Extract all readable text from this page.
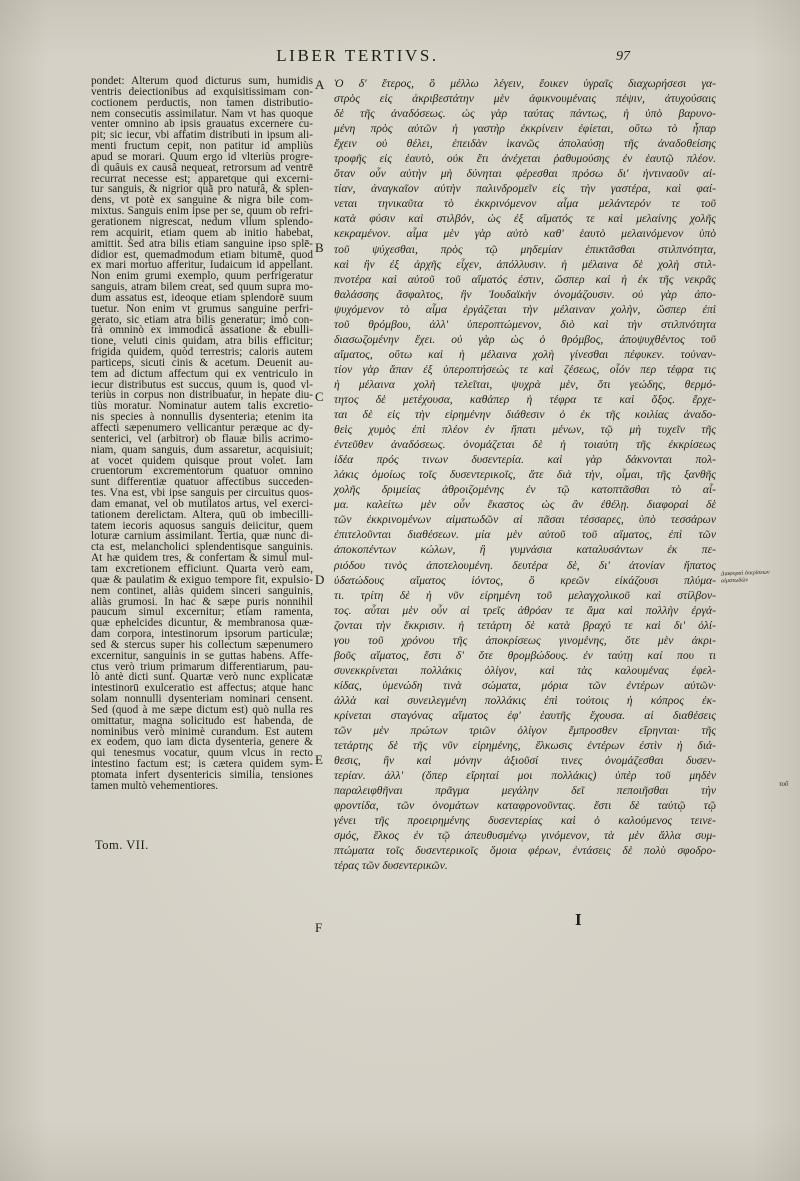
LIBER TERTIVS.	97
pondet: Alterum quod dicturus sum, humidis
ventris deiectionibus ad exquisitissimam con-
coctionem perductis, non tamen distributio-
nem consecutis assimilatur. Nam vt has quoque
venter omnino ab ipsis grauatus excernere cu-
pit; sic iecur, vbi affatim distributi in ipsum ali-
menti fructum cepit, non patitur id ampliùs
apud se morari. Quum ergo id vlteriùs progre-
di quâuis ex causâ nequeat, retrorsum ad ventrē
recurrat necesse est; apparetque qui excerni-
tur sanguis, & nigrior quā pro naturâ, & splen-
dens, vt potè ex sanguine & nigra bile com-
mixtus. Sanguis enim ipse per se, quum ob refri-
gerationem nigrescat, nedum vllum splendo-
rem acquirit, etiam quem ab initio habebat,
amittit. Sed atra bilis etiam sanguine ipso splē-
didior est, quemadmodum etiam bitumē, quod
ex mari mortuo afferitur, Iudaicum id appellant.
Non enim grumi exemplo, quum perfrigeratur
sanguis, atram bilem creat, sed quum supra mo-
dum assatus est, ideoque etiam splendorē suum
tuetur. Non enim vt grumus sanguine perfri-
gerato, sic etiam atra bilis generatur; imò con-
trà omninò ex immodicâ assatione & ebulli-
tione, veluti cinis quidam, atra bilis efficitur;
frigida quidem, quòd terrestris; caloris autem
particeps, sicuti cinis & acetum. Deuenit au-
tem ad dictum affectum qui ex ventriculo in
iecur distributus est succus, quum is, quod vl-
teriùs in corpus non distribuatur, in hepate diu-
tiùs moratur. Nominatur autem talis excretio-
nis species à nonnullis dysenteria; etenim ita
affecti sæpenumero vellicantur peræque ac dy-
senterici, vel (arbitror) ob flauæ bilis acrimo-
niam, quam sanguis, dum assaretur, acquisiuit;
at vocet quidem quisque prout volet. Iam
cruentorum excrementorum quatuor omnino
sunt differentiæ quatuor affectibus succeden-
tes. Vna est, vbi ipse sanguis per circuitus quos-
dam emanat, vel ob mutilatos artus, vel exerci-
tationem derelictam. Altera, quū ob imbecilli-
tatem iecoris aquosus sanguis deiicitur, quem
loturæ carnium assimilant. Tertia, quæ nunc di-
cta est, melancholici splendentisque sanguinis.
At hæ quidem tres, & confertam & simul mul-
tam excretionem efficiunt. Quarta verò eam,
quæ & paulatim & exiguo tempore fit, expulsio-
nem continet, aliàs quidem sinceri sanguinis,
aliàs grumosi. In hac & sæpe puris nonnihil
paucum simul excernitur; etiam ramenta,
quæ ephelcides dicuntur, & membranosa quæ-
dam corpora, intestinorum ipsorum particulæ;
sed & stercus super his collectum sæpenumero
excernitur, sanguinis in se guttas habens. Affe-
ctus verò trium primarum differentiarum, pau-
lò antè dicti sunt. Quartæ verò nunc explicatæ
intestinorū exulceratio est affectus; atque hanc
solam nonnulli dysenteriam nominari censent.
Sed (quod à me sæpe dictum est) quò nulla res
omittatur, magna solicitudo est habenda, de
nominibus verò minimè curandum. Est autem
ex eodem, quo iam dicta dysenteria, genere &
qui tenesmus vocatur, quum vlcus in recto
intestino factum est; is cætera quidem sym-
ptomata infert dysentericis similia, tensiones
tamen multò vehementiores.
A
B
C
D
E
F
Ὁ δ' ἕτερος, ὃ μέλλω λέγειν, ἔοικεν ὑγραῖς διαχωρήσεσι γα-
στρὸς εἰς ἀκριβεστάτην μὲν ἀφικνουμέναις πέψιν, ἀτυχούσαις
δὲ τῆς ἀναδόσεως. ὡς γὰρ ταύτας πάντως, ἡ ὑπὸ βαρυνο-
μένη πρὸς αὐτῶν ἡ γαστὴρ ἐκκρίνειν ἐφίεται, οὕτω τὸ ἧπαρ
ἔχειν οὐ θέλει, ἐπειδὰν ἱκανῶς ἀπολαύσῃ τῆς ἀναδοθείσης
τροφῆς εἰς ἑαυτὸ, οὐκ ἔτι ἀνέχεται ῥαθυμούσης ἐν ἑαυτῷ πλέον.
ὅταν οὖν αὐτὴν μὴ δύνηται φέρεσθαι πρόσω δι' ἡντιναοῦν αἰ-
τίαν, ἀναγκαῖον αὐτὴν παλινδρομεῖν εἰς τὴν γαστέρα, καὶ φαί-
νεται τηνικαῦτα τὸ ἐκκρινόμενον αἷμα μελάντερόν τε τοῦ
κατὰ φύσιν καὶ στιλβόν, ὡς ἐξ αἵματός τε καὶ μελαίνης χολῆς
κεκραμένον. αἷμα μὲν γὰρ αὐτὸ καθ' ἑαυτὸ μελαινόμενον ὑπὸ
τοῦ ψύχεσθαι, πρὸς τῷ μηδεμίαν ἐπικτᾶσθαι στιλπνότητα,
καὶ ἣν ἐξ ἀρχῆς εἶχεν, ἀπόλλυσιν. ἡ μέλαινα δὲ χολὴ στιλ-
πνοτέρα καὶ αὐτοῦ τοῦ αἵματός ἐστιν, ὥσπερ καὶ ἡ ἐκ τῆς νεκρᾶς
θαλάσσης ἄσφαλτος, ἣν Ἰουδαϊκὴν ὀνομάζουσιν. οὐ γὰρ ἀπο-
ψυχόμενον τὸ αἷμα ἐργάζεται τὴν μέλαιναν χολὴν, ὥσπερ ἐπὶ
τοῦ θρόμβου, ἀλλ' ὑπεροπτώμενον, διὸ καὶ τὴν στιλπνότητα
διασωζομένην ἔχει. οὐ γὰρ ὡς ὁ θρόμβος, ἀποψυχθέντος τοῦ
αἵματος, οὕτω καὶ ἡ μέλαινα χολὴ γίνεσθαι πέφυκεν. τοὐναν-
τίον γὰρ ἅπαν ἐξ ὑπεροπτήσεώς τε καὶ ζέσεως, οἷόν περ τέφρα τις
ἡ μέλαινα χολὴ τελεῖται, ψυχρὰ μὲν, ὅτι γεώδης, θερμό-
τητος δὲ μετέχουσα, καθάπερ ἡ τέφρα τε καὶ ὄξος. ἔρχε-
ται δὲ εἰς τὴν εἰρημένην διάθεσιν ὁ ἐκ τῆς κοιλίας ἀναδο-
θεὶς χυμὸς ἐπὶ πλέον ἐν ἥπατι μένων, τῷ μὴ τυχεῖν τῆς
ἐντεῦθεν ἀναδόσεως. ὀνομάζεται δὲ ἡ τοιαύτη τῆς ἐκκρίσεως
ἰδέα πρός τινων δυσεντερία. καὶ γὰρ δάκνονται πολ-
λάκις ὁμοίως τοῖς δυσεντερικοῖς, ἅτε διὰ τὴν, οἶμαι, τῆς ξανθῆς
χολῆς δριμείας ἀθροιζομένης ἐν τῷ κατοπτᾶσθαι τὸ αἷ-
μα. καλείτω μὲν οὖν ἕκαστος ὡς ἂν ἐθέλῃ. διαφοραὶ δὲ
τῶν ἐκκρινομένων αἱματωδῶν αἱ πᾶσαι τέσσαρες, ὑπὸ τεσσάρων
ἐπιτελοῦνται διαθέσεων. μία μὲν αὐτοῦ τοῦ αἵματος, ἐπὶ τῶν
ἀποκοπέντων κώλων, ἢ γυμνάσια καταλυσάντων ἐκ πε-
ριόδου τινὸς ἀποτελουμένη. δευτέρα δὲ, δι' ἀτονίαν ἥπατος
ὑδατώδους αἵματος ἰόντος, ὃ κρεῶν εἰκάζουσι πλύμα-
τι. τρίτη δὲ ἡ νῦν εἰρημένη τοῦ μελαγχολικοῦ καὶ στίλβον-
τος. αὗται μὲν οὖν αἱ τρεῖς ἀθρόαν τε ἅμα καὶ πολλὴν ἐργά-
ζονται τὴν ἔκκρισιν. ἡ τετάρτη δὲ κατὰ βραχύ τε καὶ δι' ὀλί-
γου τοῦ χρόνου τῆς ἀποκρίσεως γινομένης, ὅτε μὲν ἀκρι-
βοῦς αἵματος, ἔστι δ' ὅτε θρομβώδους. ἐν ταύτῃ καί που τι
συνεκκρίνεται πολλάκις ὀλίγον, καὶ τὰς καλουμένας ἐφελ-
κίδας, ὑμενώδη τινὰ σώματα, μόρια τῶν ἐντέρων αὐτῶν·
ἀλλὰ καὶ συνειλεγμένη πολλάκις ἐπὶ τούτοις ἡ κόπρος ἐκ-
κρίνεται σταγόνας αἵματος ἐφ' ἑαυτῆς ἔχουσα. αἱ διαθέσεις
τῶν μὲν πρώτων τριῶν ὀλίγον ἔμπροσθεν εἴρηνται· τῆς
τετάρτης δὲ τῆς νῦν εἰρημένης, ἕλκωσις ἐντέρων ἐστὶν ἡ διά-
θεσις, ἣν καὶ μόνην ἀξιοῦσί τινες ὀνομάζεσθαι δυσεν-
τερίαν. ἀλλ' (ὅπερ εἴρηταί μοι πολλάκις) ὑπὲρ τοῦ μηδὲν
παραλειφθῆναι πρᾶγμα μεγάλην δεῖ πεποιῆσθαι τὴν
φροντίδα, τῶν ὀνομάτων καταφρονοῦντας. ἔστι δὲ ταὐτῷ τῷ
γένει τῆς προειρημένης δυσεντερίας καὶ ὁ καλούμενος τεινε-
σμός, ἕλκος ἐν τῷ ἀπευθυσμένῳ γινόμενον, τὰ μὲν ἄλλα συμ-
πτώματα τοῖς δυσεντερικοῖς ὅμοια φέρων, ἐντάσεις δὲ πολὺ σφοδρο-
τέρας τῶν δυσεντερικῶν.
Διαφοραὶ ἐκκρίσεων αἱματωδῶν
τοῦ
Tom. VII.
I
